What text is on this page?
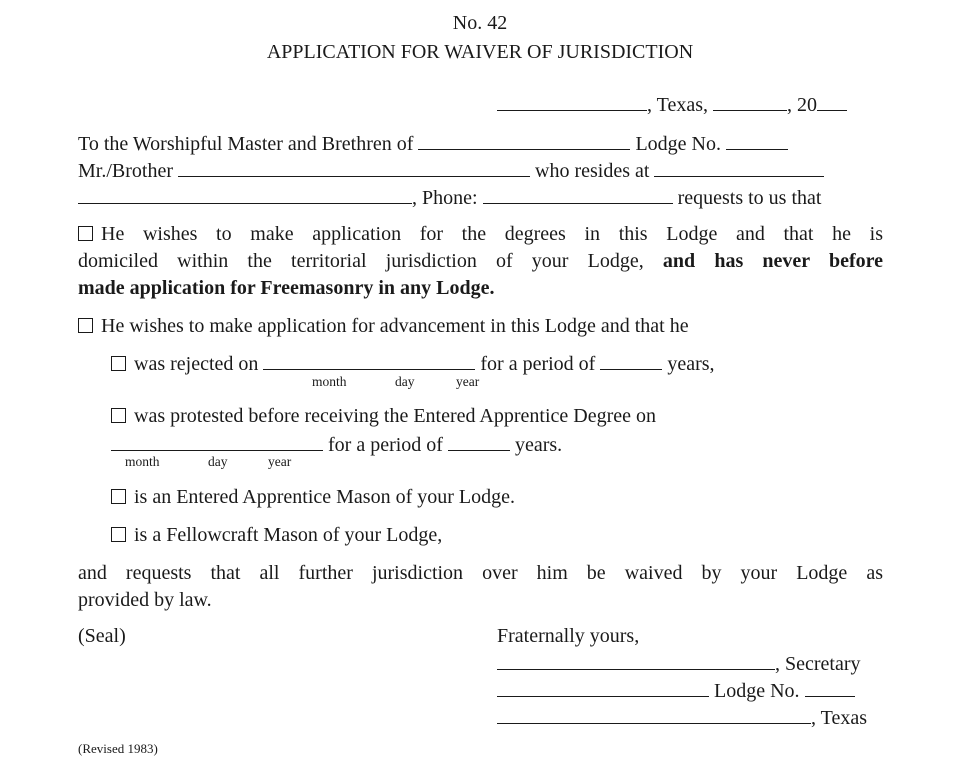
No. 42
APPLICATION FOR WAIVER OF JURISDICTION
, Texas,	, 20
To the Worshipful Master and Brethren of	Lodge No.
Mr./Brother	who resides at
, Phone:	requests to us that
He wishes to make application for the degrees in this Lodge and that he is
domiciled within the territorial jurisdiction of your Lodge, and has never before
made application for Freemasonry in any Lodge.
He wishes to make application for advancement in this Lodge and that he
was rejected on	for a period of	years,
month	day	year
was protested before receiving the Entered Apprentice Degree on
for a period of	years.
month	day	year
is an Entered Apprentice Mason of your Lodge.
is a Fellowcraft Mason of your Lodge,
and requests that all further jurisdiction over him be waived by your Lodge as
provided by law.
(Seal)	Fraternally yours,
, Secretary
Lodge No.
, Texas
(Revised 1983)
